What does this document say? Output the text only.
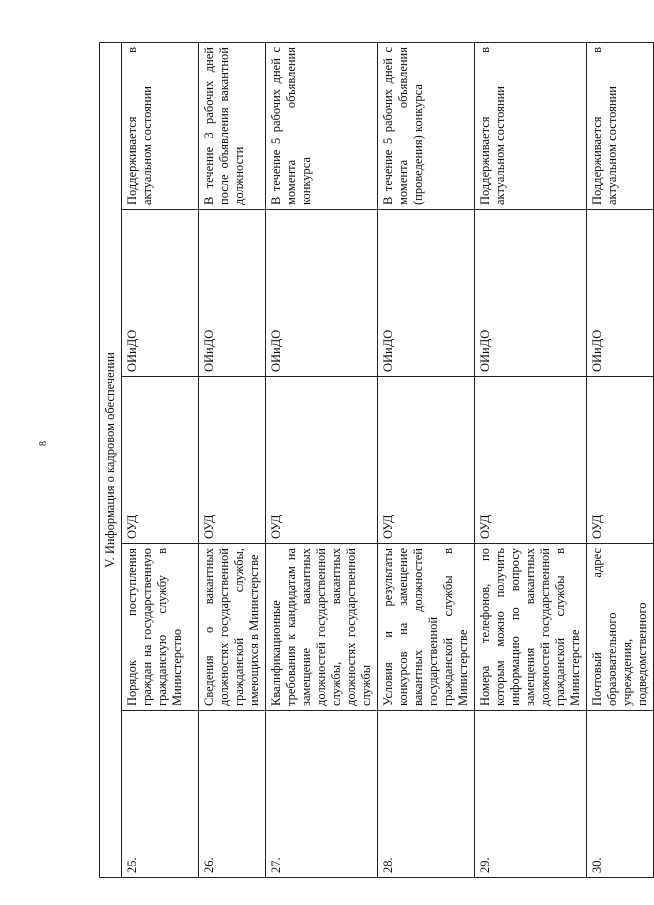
8	V. Информация о кадровом обеспечении				
25.	Порядок поступления граждан на государственную гражданскую службу в Министерство	ОУД	ОИиДО	Поддерживается в актуальном состоянии
26.	Сведения о вакантных должностях государственной гражданской службы, имеющихся в Министерстве	ОУД	ОИиДО	В течение 3 рабочих дней после объявления вакантной должности
27.	Квалификационные требования к кандидатам на замещение вакантных должностей государственной службы, вакантных должностях государственной службы	ОУД	ОИиДО	В течение 5 рабочих дней с момента объявления конкурса
28.	Условия и результаты конкурсов на замещение вакантных должностей государственной гражданской службы в Министерстве	ОУД	ОИиДО	В течение 5 рабочих дней с момента объявления (проведения) конкурса
29.	Номера телефонов, по которым можно получить информацию по вопросу замещения вакантных должностей государственной гражданской службы в Министерстве	ОУД	ОИиДО	Поддерживается в актуальном состоянии
30.	Почтовый адрес образовательного учреждения, подведомственного	ОУД	ОИиДО	Поддерживается в актуальном состоянии
